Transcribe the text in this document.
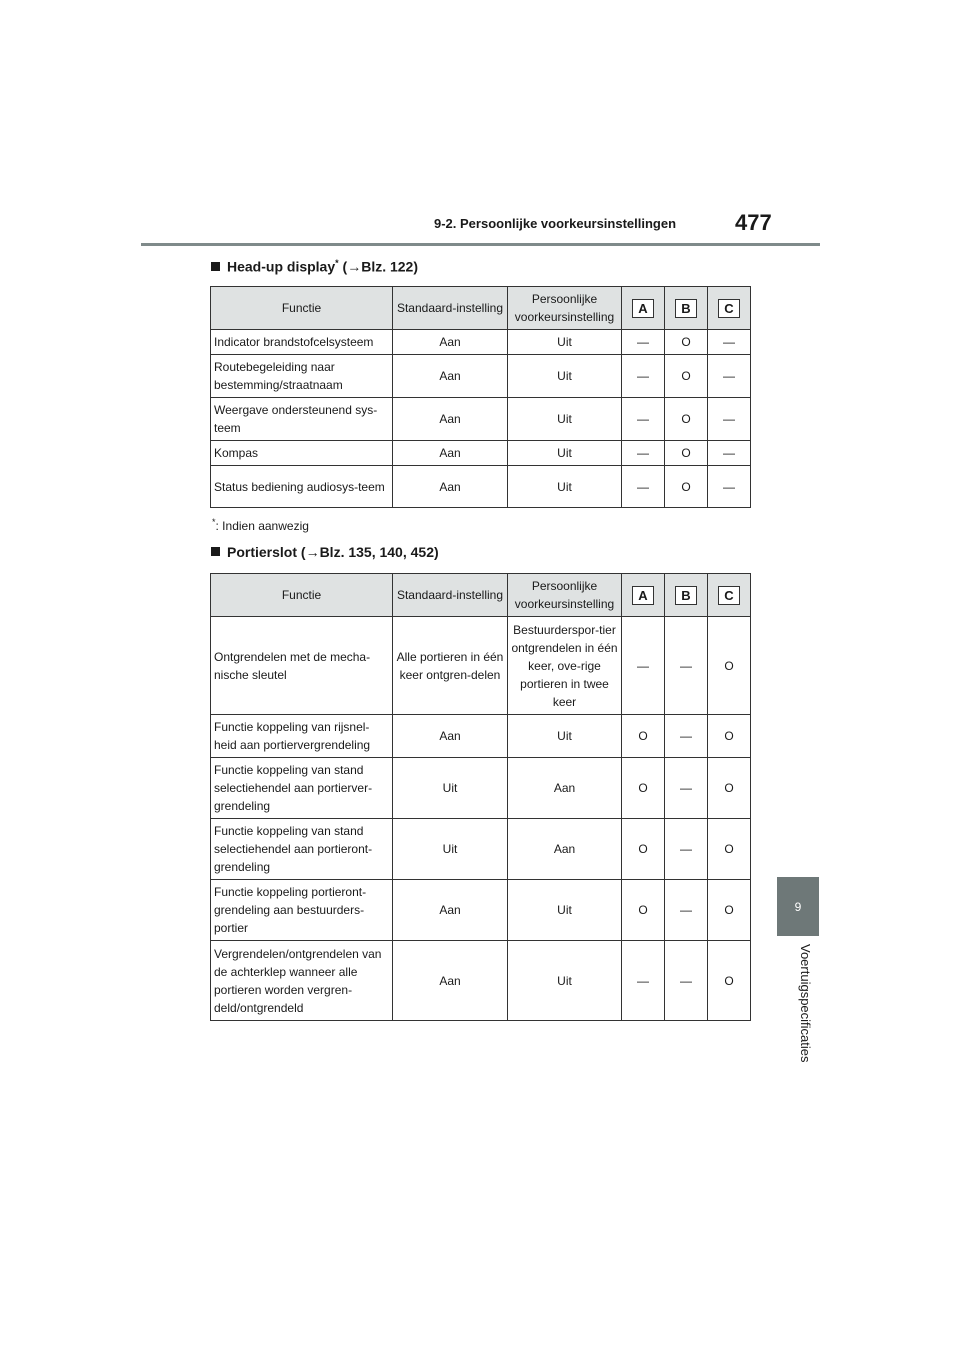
9-2. Persoonlijke voorkeursinstellingen	477
9
Voertuigspecificaties
Head-up display* (→Blz. 122)
Functie	Standaard-instelling	Persoonlijke voorkeursinstelling	A	B	C
Indicator brandstofcelsysteem	Aan	Uit	—	O	—
Routebegeleiding naar bestemming/straatnaam	Aan	Uit	—	O	—
Weergave ondersteunend sys-teem	Aan	Uit	—	O	—
Kompas	Aan	Uit	—	O	—
Status bediening audiosys-teem	Aan	Uit	—	O	—
*: Indien aanwezig
Portierslot (→Blz. 135, 140, 452)
Functie	Standaard-instelling	Persoonlijke voorkeursinstelling	A	B	C
Ontgrendelen met de mecha-nische sleutel	Alle portieren in één keer ontgren-delen	Bestuurderspor-tier ontgrendelen in één keer, ove-rige portieren in twee keer	—	—	O
Functie koppeling van rijsnel-heid aan portiervergrendeling	Aan	Uit	O	—	O
Functie koppeling van stand selectiehendel aan portierver-grendeling	Uit	Aan	O	—	O
Functie koppeling van stand selectiehendel aan portieront-grendeling	Uit	Aan	O	—	O
Functie koppeling portieront-grendeling aan bestuurders-portier	Aan	Uit	O	—	O
Vergrendelen/ontgrendelen van de achterklep wanneer alle portieren worden vergren-deld/ontgrendeld	Aan	Uit	—	—	O
